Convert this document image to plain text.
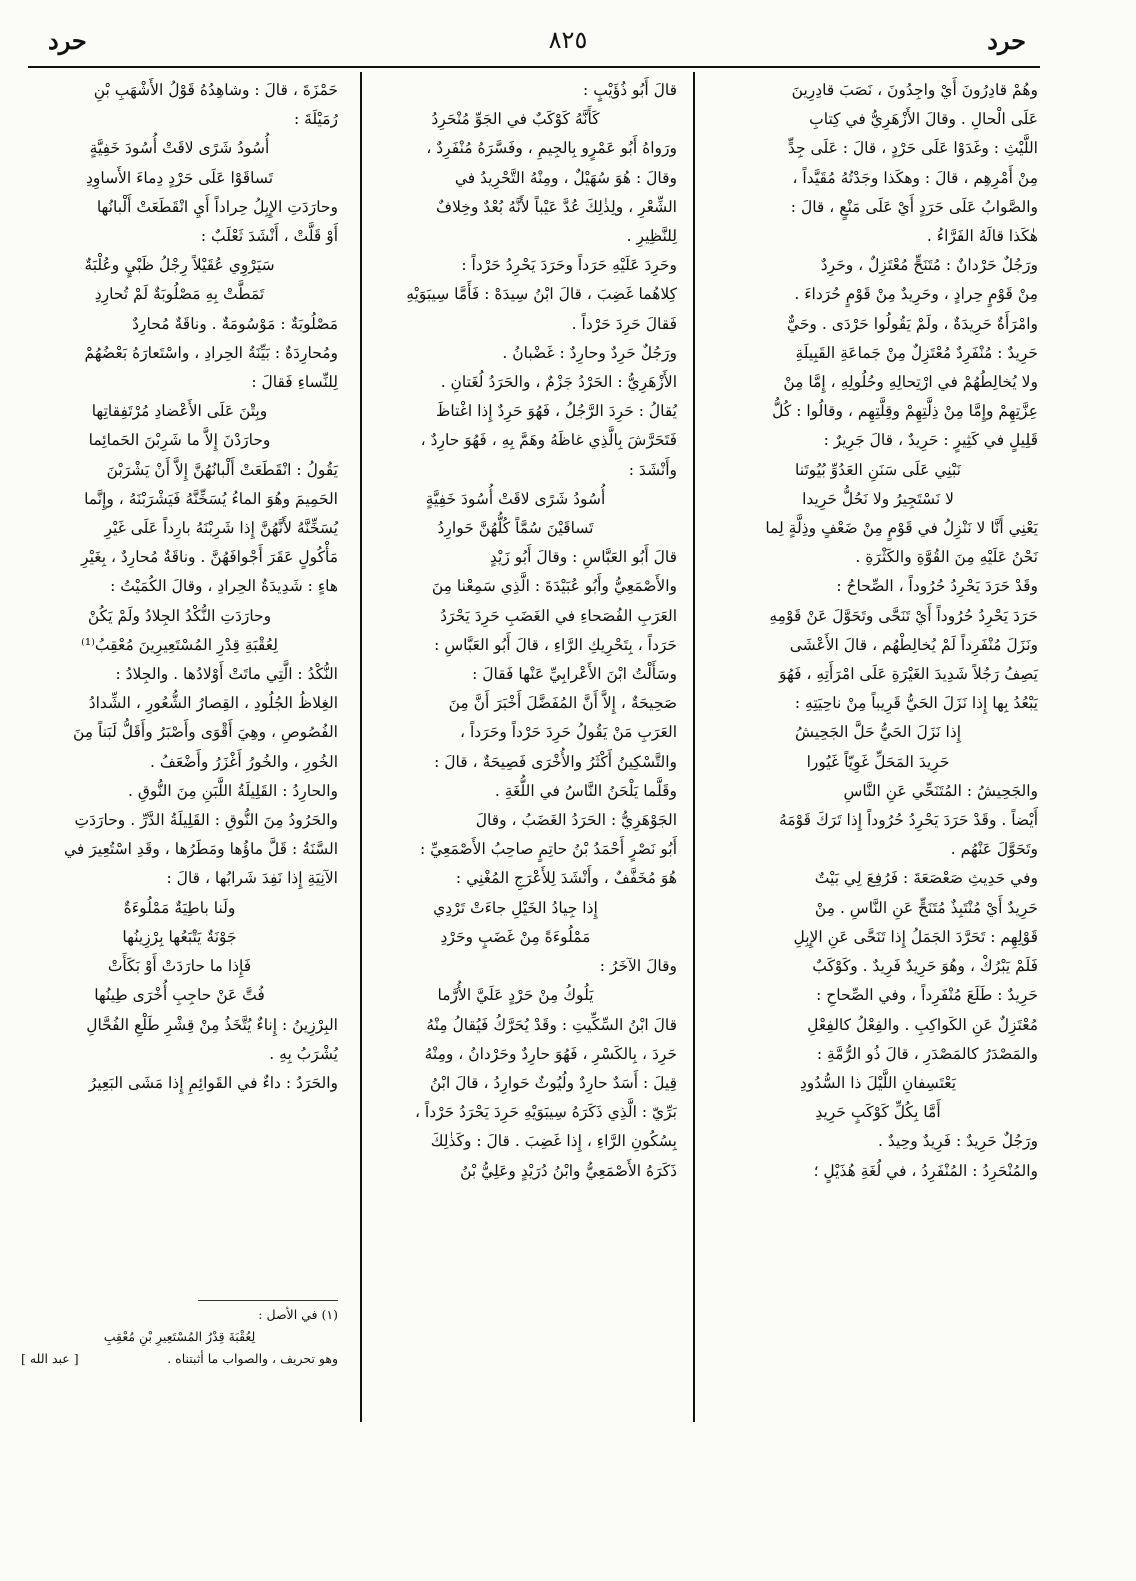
حرد
٨٢٥
حرد

وهُمْ قادِرُونَ أَيْ واجِدُونَ ، نَصَبَ قادِرِينَ

عَلَى الْحالِ . وقالَ الأَزْهَرِيُّ في كِتابِ

اللَّيْثِ : وغَدَوْا عَلَى حَرْدٍ ، قالَ : عَلَى جِدٍّ

مِنْ أَمْرِهِم ، قالَ : وهكَذا وجَدْتُهُ مُقَيَّداً ،

والصَّوابُ عَلَى حَرَدٍ أَيْ عَلَى مَنْعٍ ، قالَ :

هٰكَذا قالَهُ الفَرَّاءُ .

ورَجُلٌ حَرْدانٌ : مُتَنَحٍّ مُعْتَزِلٌ ، وحَرِدٌ

مِنْ قَوْمٍ حِرادٍ ، وحَرِيدٌ مِنْ قَوْمٍ حُرَداءَ .

وامْرَأَةٌ حَرِيدَةٌ ، ولَمْ يَقُولُوا حَرْدَى . وحَيٌّ

حَرِيدٌ : مُنْفَرِدٌ مُعْتَزِلٌ مِنْ جَماعَةِ القَبِيلَةِ

ولا يُخالِطُهُمْ في ارْتِحالِهِ وحُلُولِهِ ، إِمَّا مِنْ

عِزَّتِهِمْ وإِمَّا مِنْ ذِلَّتِهِمْ وقِلَّتِهِم ، وقالُوا : كُلُّ

قَلِيلٍ في كَثِيرٍ : حَرِيدٌ ، قالَ جَرِيرٌ :

نَبْنِي عَلَى سَنَنِ العَدُوِّ بُيُوتَنا

لا نَسْتَجِيرُ ولا نَحُلُّ حَرِيدا

يَعْنِي أَنَّا لا نَنْزِلُ في قَوْمٍ مِنْ ضَعْفٍ وذِلَّةٍ لِما

نَحْنُ عَلَيْهِ مِنَ القُوَّةِ والكَثْرَةِ .

وقَدْ حَرَدَ يَحْرِدُ حُرُوداً ، الصِّحاحُ :

حَرَدَ يَحْرِدُ حُرُوداً أَيْ تَنَحَّى وتَحَوَّلَ عَنْ قَوْمِهِ

ونَزَلَ مُنْفَرِداً لَمْ يُخالِطْهُم ، قالَ الأَعْشَى

يَصِفُ رَجُلاً شَدِيدَ الغَيْرَةِ عَلَى امْرَأَتِهِ ، فَهُوَ

يَبْعُدُ بِها إِذا نَزَلَ الحَيُّ قَرِيباً مِنْ ناحِيَتِهِ :

إِذا نَزَلَ الحَيُّ حَلَّ الجَحِيشُ

حَرِيدَ المَحَلِّ غَوِيّاً غَيُورا

والجَحِيشُ : المُتَنَحِّي عَنِ النَّاسِ

أَيْضاً . وقَدْ حَرَدَ يَحْرِدُ حُرُوداً إِذا تَرَكَ قَوْمَهُ

وتَحَوَّلَ عَنْهُم .

وفي حَدِيثِ صَعْصَعَةَ : فَرُفِعَ لِي بَيْتٌ

حَرِيدٌ أَيْ مُنْتَبِذٌ مُتَنَحٍّ عَنِ النَّاسِ . مِنْ

قَوْلِهِم : تَحَرَّدَ الجَمَلُ إِذا تَنَحَّى عَنِ الإِبِلِ

فَلَمْ يَبْرُكْ ، وهُوَ حَرِيدٌ فَرِيدٌ . وكَوْكَبٌ

حَرِيدٌ : طَلَعَ مُنْفَرِداً ، وفي الصِّحاحِ :

مُعْتَزِلٌ عَنِ الكَواكِبِ . والفِعْلُ كالفِعْلِ

والمَصْدَرُ كالمَصْدَرِ ، قالَ ذُو الرُّمَّةِ :

يَعْتَسِفانِ اللَّيْلَ ذا السُّدُودِ

أَمَّا بِكُلِّ كَوْكَبٍ حَرِيدِ

ورَجُلٌ حَرِيدٌ : فَرِيدٌ وحِيدٌ .

والمُنْحَرِدُ : المُنْفَرِدُ ، في لُغَةِ هُذَيْلٍ ؛

قالَ أَبُو ذُؤَيْبٍ :

كَأَنَّهُ كَوْكَبٌ في الجَوِّ مُنْحَرِدُ

ورَواهُ أَبُو عَمْرٍو بِالجِيمِ ، وفَسَّرَهُ مُنْفَرِدٌ ،

وقالَ : هُوَ سُهَيْلٌ ، ومِنْهُ التَّحْرِيدُ في

الشِّعْرِ ، ولِذٰلِكَ عُدَّ عَيْباً لأَنَّهُ بُعْدٌ وخِلافٌ

لِلنَّظِيرِ .

وحَرِدَ عَلَيْهِ حَرَداً وحَرَدَ يَحْرِدُ حَرْداً :

كِلاهُما غَضِبَ ، قالَ ابْنُ سِيدَهْ : فَأَمَّا سِيبَوَيْهِ

فَقالَ حَرِدَ حَرْداً .

ورَجُلٌ حَرِدٌ وحارِدٌ : غَضْبانُ .

الأَزْهَرِيُّ : الحَرْدُ جَزْمٌ ، والحَرَدُ لُغَتانِ .

يُقالُ : حَرِدَ الرَّجُلُ ، فَهُوَ حَرِدٌ إِذا اغْتاظَ

فَتَحَرَّشَ بِالَّذِي غاظَهُ وهَمَّ بِهِ ، فَهُوَ حارِدٌ ،

وأَنْشَدَ :

أُسُودُ شَرًى لاقَتْ أُسُودَ خَفِيَّةٍ

تَساقَيْنَ سُمَّاً كُلُّهُنَّ حَوارِدُ

قالَ أَبُو العَبَّاسِ : وقالَ أَبُو زَيْدٍ

والأَصْمَعِيُّ وأَبُو عُبَيْدَةَ : الَّذِي سَمِعْنا مِنَ

العَرَبِ الفُصَحاءِ في الغَضَبِ حَرِدَ يَحْرَدُ

حَرَداً ، بِتَحْرِيكِ الرَّاءِ ، قالَ أَبُو العَبَّاسِ :

وسَأَلْتُ ابْنَ الأَعْرابِيِّ عَنْها فَقالَ :

صَحِيحَةٌ ، إِلاَّ أَنَّ المُفَضَّلَ أَخْبَرَ أَنَّ مِنَ

العَرَبِ مَنْ يَقُولُ حَرِدَ حَرْداً وحَرَداً ،

والتَّسْكِينُ أَكْثَرُ والأُخْرَى فَصِيحَةٌ ، قالَ :

وقَلَّما يَلْحَنُ النَّاسُ في اللُّغَةِ .

الجَوْهَرِيُّ : الحَرَدُ الغَضَبُ ، وقالَ

أَبُو نَصْرٍ أَحْمَدُ بْنُ حاتِمٍ صاحِبُ الأَصْمَعِيِّ :

هُوَ مُخَفَّفٌ ، وأَنْشَدَ لِلأَعْرَجِ المُغْنِي :

إِذا جِيادُ الخَيْلِ جاءَتْ تَرْدِي

مَمْلُوءَةً مِنْ غَضَبٍ وحَرْدِ

وقالَ الآخَرُ :

يَلُوكُ مِنْ حَرْدٍ عَلَيَّ الأُرَّما

قالَ ابْنُ السِّكِّيتِ : وقَدْ يُحَرَّكُ فَيُقالُ مِنْهُ

حَرِدَ ، بِالكَسْرِ ، فَهُوَ حارِدٌ وحَرْدانُ ، ومِنْهُ

قِيلَ : أَسَدٌ حارِدٌ ولُيُوثٌ حَوارِدُ ، قالَ ابْنُ

بَرِّيّ : الَّذِي ذَكَرَهُ سِيبَوَيْهِ حَرِدَ يَحْرَدُ حَرْداً ،

بِسُكُونِ الرَّاءِ ، إِذا غَضِبَ . قالَ : وكَذٰلِكَ

ذَكَرَهُ الأَصْمَعِيُّ وابْنُ دُرَيْدٍ وعَلِيُّ بْنُ

حَمْزَةَ ، قالَ : وشاهِدُهُ قَوْلُ الأَشْهَبِ بْنِ

رُمَيْلَةَ :

أُسُودُ شَرًى لاقَتْ أُسُودَ خَفِيَّةٍ

تَساقَوْا عَلَى حَرْدٍ دِماءَ الأَساوِدِ

وحارَدَتِ الإِبِلُ حِراداً أَيِ انْقَطَعَتْ أَلْبانُها

أَوْ قَلَّتْ ، أَنْشَدَ ثَعْلَبٌ :

سَيَرْوِي عُقَيْلاً رِجْلُ ظَبْيٍ وعُلْبَةٌ

تَمَطَّتْ بِهِ مَصْلُوبَةٌ لَمْ تُحارِدِ

مَصْلُوبَةٌ : مَوْسُومَةٌ . وناقَةٌ مُحارِدٌ

ومُحارِدَةٌ : بَيِّنَةُ الحِرادِ ، واسْتَعارَهُ بَعْضُهُمْ

لِلنِّساءِ فَقالَ :

وبِتْنَ عَلَى الأَعْضادِ مُرْتَفِقاتِها

وحارَدْنَ إِلاَّ ما شَرِبْنَ الحَمائِما

يَقُولُ : انْقَطَعَتْ أَلْبانُهُنَّ إِلاَّ أَنْ يَشْرَبْنَ

الحَمِيمَ وهُوَ الماءُ يُسَخِّنَّهُ فَيَشْرَبْنَهُ ، وإِنَّما

يُسَخِّنَّهُ لأَنَّهُنَّ إِذا شَرِبْنَهُ بارِداً عَلَى غَيْرِ

مَأْكُولٍ عَقَرَ أَجْوافَهُنَّ . وناقَةٌ مُحارِدٌ ، بِغَيْرِ

هاءٍ : شَدِيدَةُ الحِرادِ ، وقالَ الكُمَيْتُ :

وحارَدَتِ النُّكْدُ الجِلادُ ولَمْ يَكُنْ

لِعُقْبَةِ قِدْرِ المُسْتَعِيرِينَ مُعْقِبُ⁽¹⁾

النُّكْدُ : الَّتِي ماتَتْ أَوْلادُها . والجِلادُ :

الغِلاظُ الجُلُودِ ، القِصارُ الشُّعُورِ ، الشِّدادُ

الفُصُوصِ ، وهِيَ أَقْوَى وأَصْبَرُ وأَقَلُّ لَبَناً مِنَ

الخُورِ ، والخُورُ أَغْزَرُ وأَضْعَفُ .

والحارِدُ : القَلِيلَةُ اللَّبَنِ مِنَ النُّوقِ .

والحَرُودُ مِنَ النُّوقِ : القَلِيلَةُ الدَّرِّ . وحارَدَتِ

السَّنَةُ : قَلَّ ماؤُها ومَطَرُها ، وقَدِ اسْتُعِيرَ في

الآنِيَةِ إِذا نَفِدَ شَرابُها ، قالَ :

ولَنا باطِيَةٌ مَمْلُوءَةٌ

جَوْنَةٌ يَتْبَعُها بِرْزِينُها

فَإِذا ما حارَدَتْ أَوْ بَكَأَتْ

فُتَّ عَنْ حاجِبِ أُخْرَى طِينُها

البِرْزِينُ : إِناءٌ يُتَّخَذُ مِنْ قِشْرِ طَلْعِ الفُحَّالِ

يُشْرَبُ بِهِ .

والحَرَدُ : داءٌ في القَوائِمِ إِذا مَشَى البَعِيرُ

(١) في الأصل :

لِعُقْبَةَ قِدْرُ المُسْتَعِيرِ بْنِ مُعْقِبِ

وهو تحريف ، والصواب ما أثبتناه .
[ عبد الله ]
